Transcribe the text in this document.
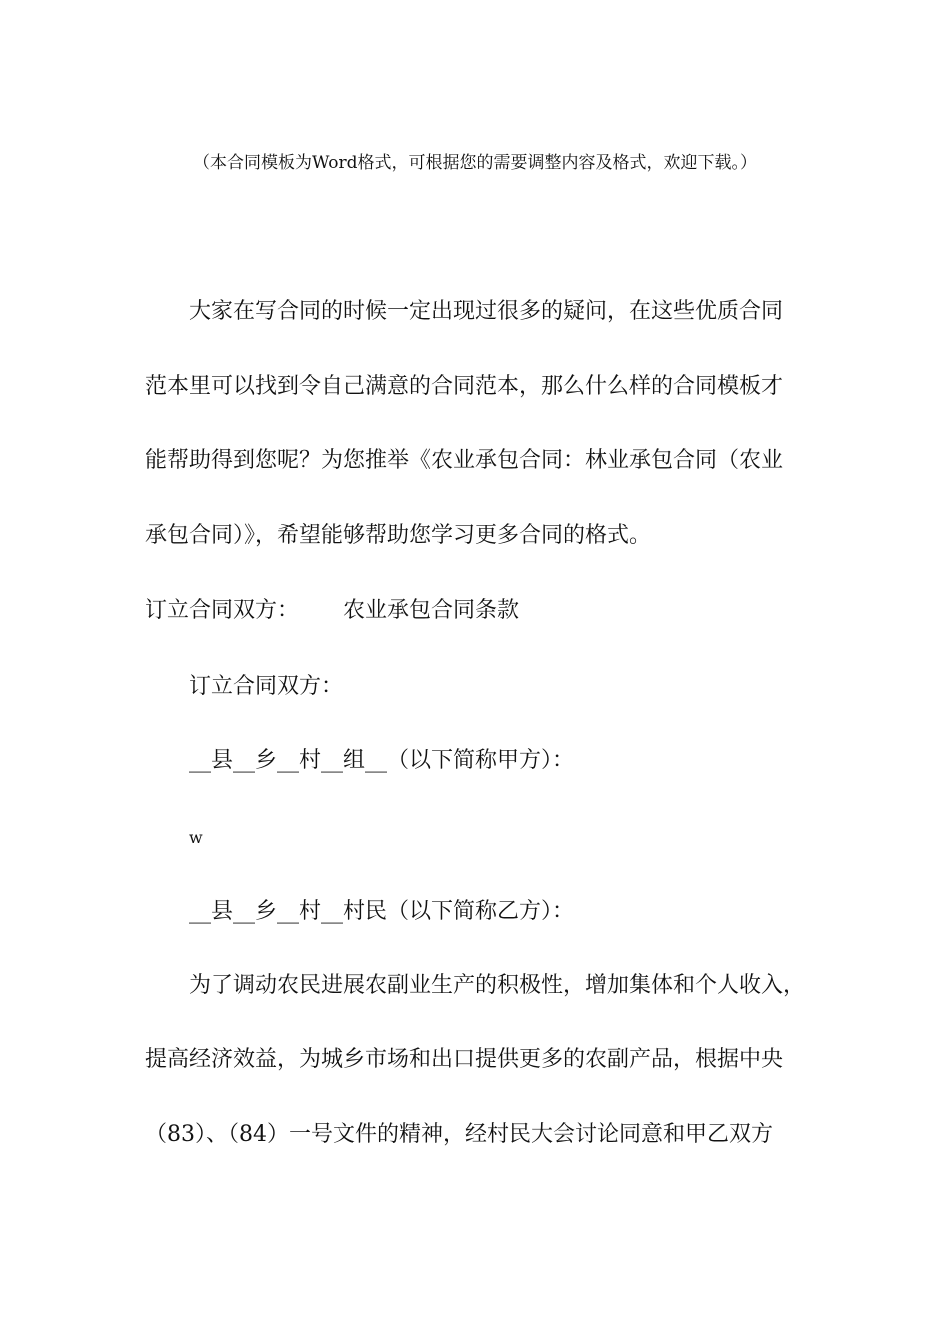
（本合同模板为Word格式，可根据您的需要调整内容及格式，欢迎下载。）
大家在写合同的时候一定出现过很多的疑问，在这些优质合同
范本里可以找到令自己满意的合同范本，那么什么样的合同模板才
能帮助得到您呢？为您推举《农业承包合同：林业承包合同（农业
承包合同）》，希望能够帮助您学习更多合同的格式。
订立合同双方： 农业承包合同条款
订立合同双方：
__县__乡__村__组__（以下简称甲方）：
w
__县__乡__村__村民（以下简称乙方）：
为了调动农民进展农副业生产的积极性，增加集体和个人收入，
提高经济效益，为城乡市场和出口提供更多的农副产品，根据中央
（83）、（84）一号文件的精神，经村民大会讨论同意和甲乙双方
